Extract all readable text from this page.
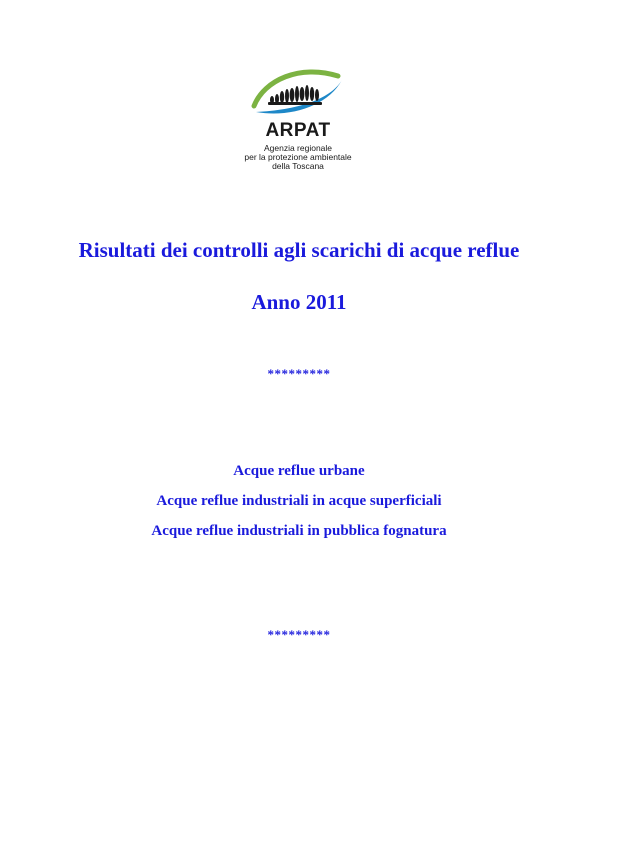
ARPAT
Agenzia regionale
per la protezione ambientale
della Toscana
Risultati dei controlli agli scarichi di acque reflue
Anno 2011
*********
Acque reflue urbane
Acque reflue industriali in acque superficiali
Acque reflue industriali in pubblica fognatura
*********
